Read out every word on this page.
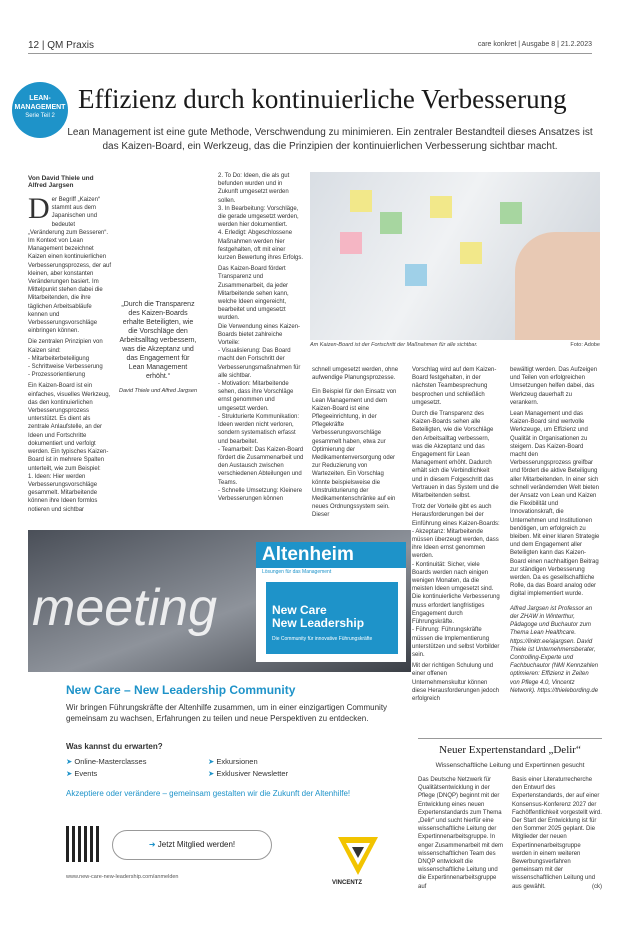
12 | QM Praxis	care konkret | Ausgabe 8 | 21.2.2023
LEAN-
MANAGEMENT
Serie Teil 2
Effizienz durch kontinuierliche Verbesserung
Lean Management ist eine gute Methode, Verschwendung zu minimieren. Ein zentraler Bestandteil dieses Ansatzes ist das Kaizen-Board, ein Werkzeug, das die Prinzipien der kontinuierlichen Verbesserung sichtbar macht.
Von David Thiele und Alfred Jargsen

Der Begriff „Kaizen“ stammt aus dem Japanischen und bedeutet „Veränderung zum Besseren“. Im Kontext von Lean Management bezeichnet Kaizen einen kontinuierlichen Verbesserungsprozess, der auf kleinen, aber konstanten Veränderungen basiert. Im Mittelpunkt stehen dabei die Mitarbeitenden, die ihre täglichen Arbeitsabläufe kennen und Verbesserungsvorschläge einbringen können.

Die zentralen Prinzipien von Kaizen sind:

- Mitarbeiterbeteiligung

- Schrittweise Verbesserung

- Prozessorientierung

Ein Kaizen-Board ist ein einfaches, visuelles Werkzeug, das den kontinuierlichen Verbesserungsprozess unterstützt. Es dient als zentrale Anlaufstelle, an der Ideen und Fortschritte dokumentiert und verfolgt werden. Ein typisches Kaizen-Board ist in mehrere Spalten unterteilt, wie zum Beispiel:

1. Ideen: Hier werden Verbesserungsvorschläge gesammelt. Mitarbeitende können ihre Ideen formlos notieren und sichtbar

„Durch die Transparenz des Kaizen-Boards erhalte Beteiligten, wie die Vorschläge den Arbeitsalltag verbessern, was die Akzeptanz und das Engagement für Lean Management erhöht.“
David Thiele und Alfred Jargsen

2. To Do: Ideen, die als gut befunden wurden und in Zukunft umgesetzt werden sollen.

3. In Bearbeitung: Vorschläge, die gerade umgesetzt werden, werden hier dokumentiert.

4. Erledigt: Abgeschlossene Maßnahmen werden hier festgehalten, oft mit einer kurzen Bewertung ihres Erfolgs.

Das Kaizen-Board fördert Transparenz und Zusammenarbeit, da jeder Mitarbeitende sehen kann, welche Ideen eingereicht, bearbeitet und umgesetzt wurden.

Die Verwendung eines Kaizen-Boards bietet zahlreiche Vorteile:

- Visualisierung: Das Board macht den Fortschritt der Verbesserungsmaßnahmen für alle sichtbar.

- Motivation: Mitarbeitende sehen, dass ihre Vorschläge ernst genommen und umgesetzt werden.

- Strukturierte Kommunikation: Ideen werden nicht verloren, sondern systematisch erfasst und bearbeitet.

- Teamarbeit: Das Kaizen-Board fördert die Zusammenarbeit und den Austausch zwischen verschiedenen Abteilungen und Teams.

- Schnelle Umsetzung: Kleinere Verbesserungen können

Foto: Adobe
Am Kaizen-Board ist der Fortschritt der Maßnahmen für alle sichtbar.

schnell umgesetzt werden, ohne aufwendige Planungsprozesse.

Ein Beispiel für den Einsatz von Lean Management und dem Kaizen-Board ist eine Pflegeeinrichtung, in der Pflegekräfte Verbesserungsvorschläge gesammelt haben, etwa zur Optimierung der Medikamentenversorgung oder zur Reduzierung von Wartezeiten. Ein Vorschlag könnte beispielsweise die Umstrukturierung der Medikamentenschränke auf ein neues Ordnungssystem sein. Dieser

Vorschlag wird auf dem Kaizen-Board festgehalten, in der nächsten Teambesprechung besprochen und schließlich umgesetzt.

Durch die Transparenz des Kaizen-Boards sehen alle Beteiligten, wie die Vorschläge den Arbeitsalltag verbessern, was die Akzeptanz und das Engagement für Lean Management erhöht. Dadurch erhält sich die Verbindlichkeit und in diesem Folgeschritt das Vertrauen in das System und die Mitarbeitenden selbst.

Trotz der Vorteile gibt es auch Herausforderungen bei der Einführung eines Kaizen-Boards:

- Akzeptanz: Mitarbeitende müssen überzeugt werden, dass ihre Ideen ernst genommen werden.

- Kontinuität: Sicher, viele Boards werden nach einigen wenigen Monaten, da die meisten Ideen umgesetzt sind. Die kontinuierliche Verbesserung muss erfordert langfristiges Engagement durch Führungskräfte.

- Führung: Führungskräfte müssen die Implementierung unterstützen und selbst Vorbilder sein.

Mit der richtigen Schulung und einer offenen Unternehmenskultur können diese Herausforderungen jedoch erfolgreich

bewältigt werden. Das Aufzeigen und Teilen von erfolgreichen Umsetzungen helfen dabei, das Werkzeug dauerhaft zu verankern.

Lean Management und das Kaizen-Board sind wertvolle Werkzeuge, um Effizienz und Qualität in Organisationen zu steigern. Das Kaizen-Board macht den Verbesserungsprozess greifbar und fördert die aktive Beteiligung aller Mitarbeitenden. In einer sich schnell verändernden Welt bieten der Ansatz von Lean und Kaizen die Flexibilität und Innovationskraft, die Unternehmen und Institutionen benötigen, um erfolgreich zu bleiben. Mit einer klaren Strategie und dem Engagement aller Beteiligten kann das Kaizen-Board einen nachhaltigen Beitrag zur ständigen Verbesserung werden. Da es gesellschaftliche Rolle, da das Board analog oder digital implementiert wurde.

Alfred Jargsen ist Professor an der ZHAW in Winterthur, Pädagoge und Buchautor zum Thema Lean Healthcare. https://linktr.ee/ajargsen. David Thiele ist Unternehmensberater, Controlling-Experte und Fachbuchautor (NMI Kennzahlen optimieren: Effizienz in Zeiten von Pflege 4.0, Vincentz Network). https://thielebording.de

meeting
Altenheim
Lösungen für das Management
New Care
New Leadership
Die Community für innovative Führungskräfte
New Care – New Leadership Community
Wir bringen Führungskräfte der Altenhilfe zusammen, um in einer einzigartigen Community gemeinsam zu wachsen, Erfahrungen zu teilen und neue Perspektiven zu entdecken.
Was kannst du erwarten?
➤ Online-Masterclasses
➤ Events
➤ Exkursionen
➤ Exklusiver Newsletter
Akzeptiere oder verändere – gemeinsam gestalten wir die Zukunft der Altenhilfe!
➜ Jetzt Mitglied werden!
www.new-care-new-leadership.com/anmelden
VINCENTZ
Neuer Expertenstandard „Delir“
Wissenschaftliche Leitung und Expertinnen gesucht
Das Deutsche Netzwerk für Qualitätsentwicklung in der Pflege (DNQP) beginnt mit der Entwicklung eines neuen Expertenstandards zum Thema „Delir“ und sucht hierfür eine wissenschaftliche Leitung der Expertinnenarbeitsgruppe. In enger Zusammenarbeit mit dem wissenschaftlichen Team des DNQP entwickelt die wissenschaftliche Leitung und die Expertinnenarbeitsgruppe auf
Basis einer Literaturrecherche den Entwurf des Expertenstandards, der auf einer Konsensus-Konferenz 2027 der Fachöffentlichkeit vorgestellt wird. Der Start der Entwicklung ist für den Sommer 2025 geplant. Die Mitglieder der neuen Expertinnenarbeitsgruppe werden in einem weiteren Bewerbungsverfahren gemeinsam mit der wissenschaftlichen Leitung und aus gewählt.	(ck)
